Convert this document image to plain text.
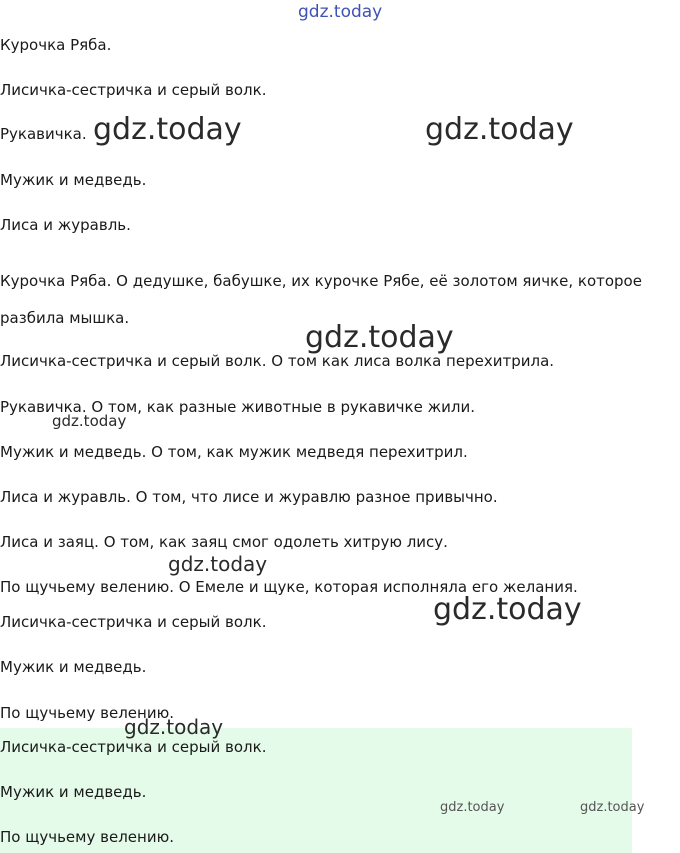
gdz.today
gdz.today	gdz.today
gdz.today
gdz.today
gdz.today
gdz.today
gdz.today
gdz.today	gdz.today
Курочка Ряба.
Лисичка-сестричка и серый волк.
Рукавичка.
Мужик и медведь.
Лиса и журавль.
Курочка Ряба. О дедушке, бабушке, их курочке Рябе, её золотом яичке, которое
разбила мышка.
Лисичка-сестричка и серый волк. О том как лиса волка перехитрила.
Рукавичка. О том, как разные животные в рукавичке жили.
Мужик и медведь. О том, как мужик медведя перехитрил.
Лиса и журавль. О том, что лисе и журавлю разное привычно.
Лиса и заяц. О том, как заяц смог одолеть хитрую лису.
По щучьему велению. О Емеле и щуке, которая исполняла его желания.
Лисичка-сестричка и серый волк.
Мужик и медведь.
По щучьему велению.
Лисичка-сестричка и серый волк.
Мужик и медведь.
По щучьему велению.
